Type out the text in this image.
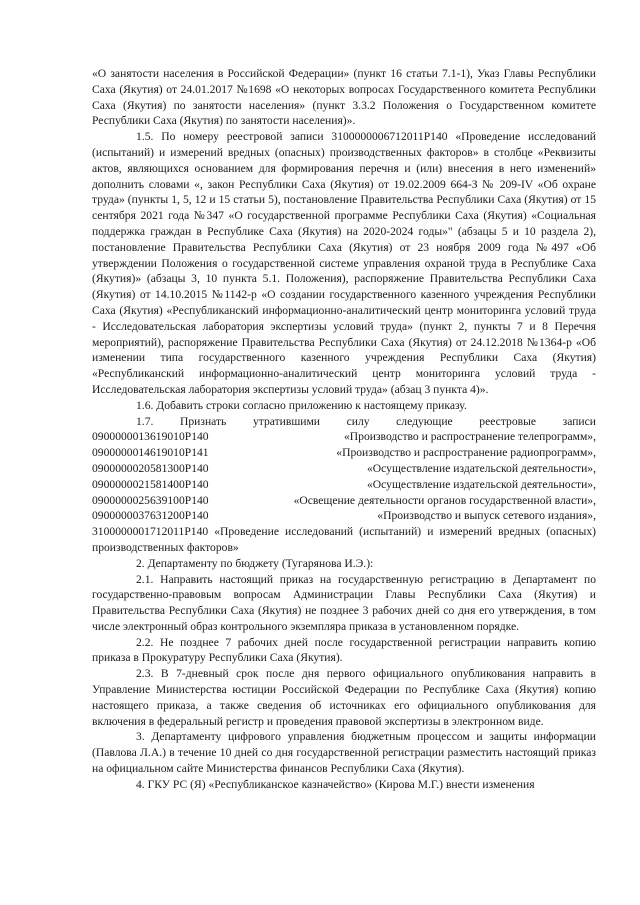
«О занятости населения в Российской Федерации» (пункт 16 статьи 7.1-1), Указ Главы Республики Саха (Якутия) от 24.01.2017 №1698 «О некоторых вопросах Государственного комитета Республики Саха (Якутия) по занятости населения» (пункт 3.3.2 Положения о Государственном комитете Республики Саха (Якутия) по занятости населения)».

1.5. По номеру реестровой записи 3100000006712011Р140 «Проведение исследований (испытаний) и измерений вредных (опасных) производственных факторов» в столбце «Реквизиты актов, являющихся основанием для формирования перечня и (или) внесения в него изменений» дополнить словами «, закон Республики Саха (Якутия) от 19.02.2009 664-З № 209-IV «Об охране труда» (пункты 1, 5, 12 и 15 статьи 5), постановление Правительства Республики Саха (Якутия) от 15 сентября 2021 года №347 «О государственной программе Республики Саха (Якутия) «Социальная поддержка граждан в Республике Саха (Якутия) на 2020-2024 годы»" (абзацы 5 и 10 раздела 2), постановление Правительства Республики Саха (Якутия) от 23 ноября 2009 года №497 «Об утверждении Положения о государственной системе управления охраной труда в Республике Саха (Якутия)» (абзацы 3, 10 пункта 5.1. Положения), распоряжение Правительства Республики Саха (Якутия) от 14.10.2015 №1142-р «О создании государственного казенного учреждения Республики Саха (Якутия) «Республиканский информационно-аналитический центр мониторинга условий труда - Исследовательская лаборатория экспертизы условий труда» (пункт 2, пункты 7 и 8 Перечня мероприятий), распоряжение Правительства Республики Саха (Якутия) от 24.12.2018 №1364-р «Об изменении типа государственного казенного учреждения Республики Саха (Якутия) «Республиканский информационно-аналитический центр мониторинга условий труда - Исследовательская лаборатория экспертизы условий труда» (абзац 3 пункта 4)».

1.6. Добавить строки согласно приложению к настоящему приказу.

1.7. Признать утратившими силу следующие реестровые записи
0900000013619010Р140	«Производство и распространение телепрограмм»,
0900000014619010Р141	«Производство и распространение радиопрограмм»,
0900000020581300Р140	«Осуществление издательской деятельности»,
0900000021581400Р140	«Осуществление издательской деятельности»,
0900000025639100Р140	«Освещение деятельности органов государственной власти»,
0900000037631200Р140	«Производство и выпуск сетевого издания»,

3100000001712011Р140 «Проведение исследований (испытаний) и измерений вредных (опасных) производственных факторов»

2. Департаменту по бюджету (Тугарянова И.Э.):

2.1. Направить настоящий приказ на государственную регистрацию в Департамент по государственно-правовым вопросам Администрации Главы Республики Саха (Якутия) и Правительства Республики Саха (Якутия) не позднее 3 рабочих дней со дня его утверждения, в том числе электронный образ контрольного экземпляра приказа в установленном порядке.

2.2. Не позднее 7 рабочих дней после государственной регистрации направить копию приказа в Прокуратуру Республики Саха (Якутия).

2.3. В 7-дневный срок после дня первого официального опубликования направить в Управление Министерства юстиции Российской Федерации по Республике Саха (Якутия) копию настоящего приказа, а также сведения об источниках его официального опубликования для включения в федеральный регистр и проведения правовой экспертизы в электронном виде.

3. Департаменту цифрового управления бюджетным процессом и защиты информации (Павлова Л.А.) в течение 10 дней со дня государственной регистрации разместить настоящий приказ на официальном сайте Министерства финансов Республики Саха (Якутия).

4. ГКУ РС (Я) «Республиканское казначейство» (Кирова М.Г.) внести изменения
